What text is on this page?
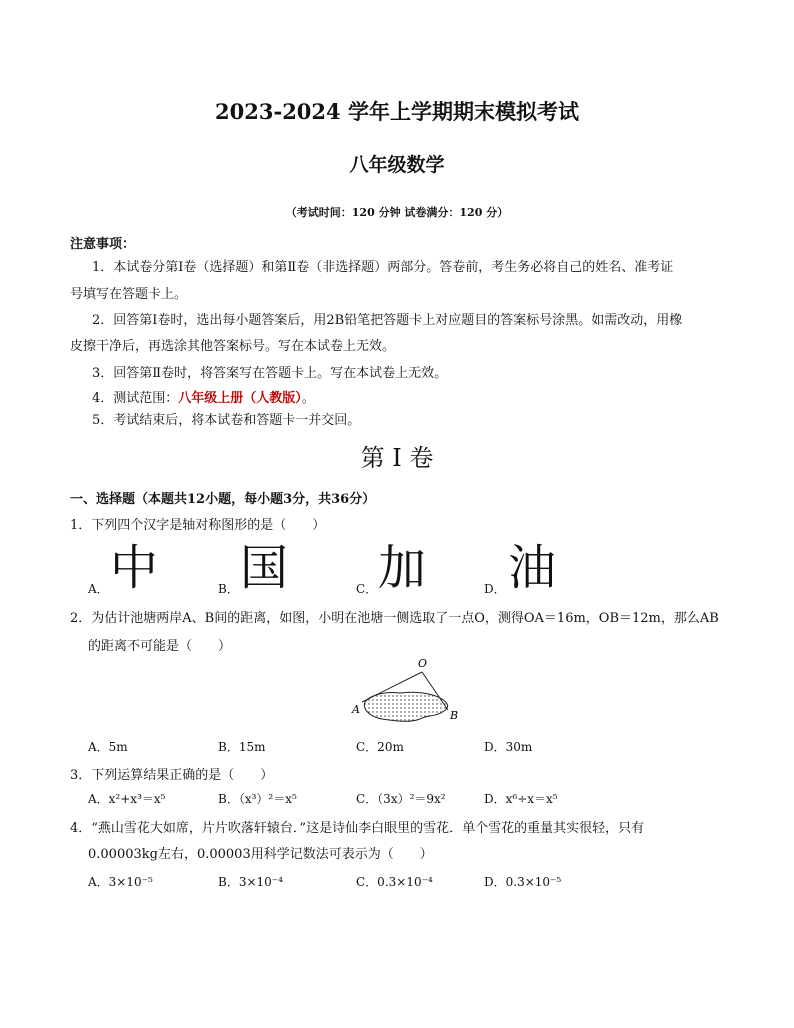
2023-2024 学年上学期期末模拟考试
八年级数学
（考试时间：120 分钟 试卷满分：120 分）
注意事项：
1．本试卷分第Ⅰ卷（选择题）和第Ⅱ卷（非选择题）两部分。答卷前，考生务必将自己的姓名、准考证
号填写在答题卡上。
2．回答第Ⅰ卷时，选出每小题答案后，用2B铅笔把答题卡上对应题目的答案标号涂黑。如需改动，用橡
皮擦干净后，再选涂其他答案标号。写在本试卷上无效。
3．回答第Ⅱ卷时，将答案写在答题卡上。写在本试卷上无效。
4．测试范围：八年级上册（人教版）。
5．考试结束后，将本试卷和答题卡一并交回。
第 I 卷
一、选择题（本题共12小题，每小题3分，共36分）
1．下列四个汉字是轴对称图形的是（　　）
A． 中	B． 国	C． 加	D． 油
2．为估计池塘两岸A、B间的距离，如图，小明在池塘一侧选取了一点O，测得OA＝16m，OB＝12m，那么AB
的距离不可能是（　　）
O
A	B
A．5m	B．15m	C．20m	D．30m
3．下列运算结果正确的是（　　）
A．x²+x³＝x⁵	B．（x³）²＝x⁵	C．（3x）²＝9x²	D．x⁶÷x＝x⁵
4．“燕山雪花大如席，片片吹落轩辕台．”这是诗仙李白眼里的雪花．单个雪花的重量其实很轻，只有
0.00003kg左右，0.00003用科学记数法可表示为（　　）
A．3×10⁻⁵	B．3×10⁻⁴	C．0.3×10⁻⁴	D．0.3×10⁻⁵
